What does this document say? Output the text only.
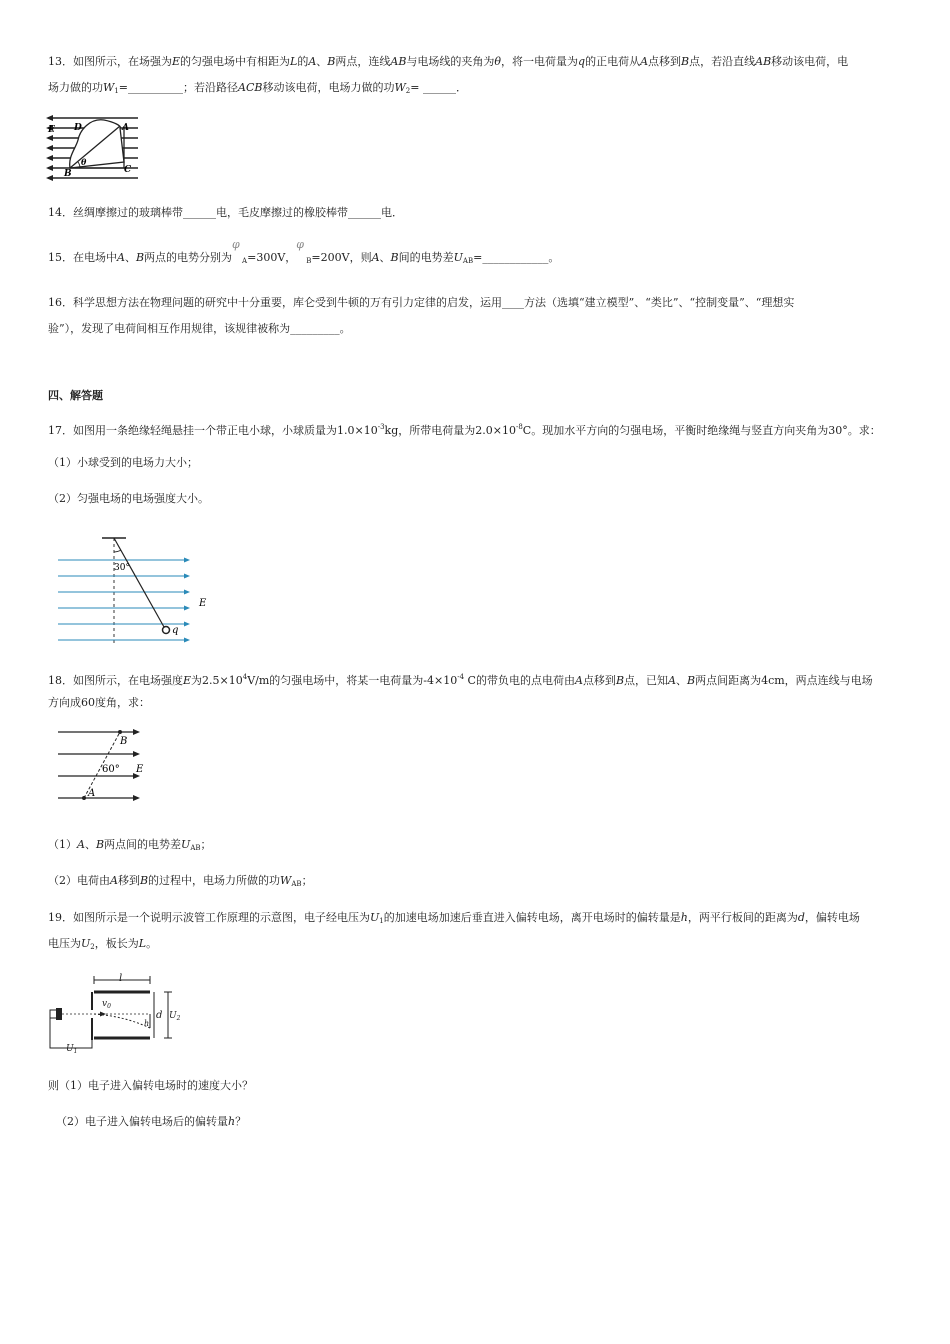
13．如图所示，在场强为E的匀强电场中有相距为L的A、B两点，连线AB与电场线的夹角为θ，将一电荷量为q的正电荷从A点移到B点，若沿直线AB移动该电荷，电
场力做的功$W_1=\_\_\_\_\_\_\_\_\_\_$；若沿路径ACB移动该电荷，电场力做的功$W_2=$ ______．
E D	A
θ
B	C
14．丝绸摩擦过的玻璃棒带______电，毛皮摩擦过的橡胶棒带______电．
15．在电场中A、B两点的电势分别为
φ
$_A$=300V，
φ
$_B$=200V，则A、B间的电势差$U_{AB}=\_\_\_\_\_\_\_\_\_\_\_\_$。
16．科学思想方法在物理问题的研究中十分重要，库仑受到牛顿的万有引力定律的启发，运用____方法（选填“建立模型”、“类比”、“控制变量”、“理想实
验”），发现了电荷间相互作用规律，该规律被称为_________。
四、解答题
17．如图用一条绝缘轻绳悬挂一个带正电小球，小球质量为$1.0\times 10^{-3}kg$，所带电荷量为$2.0\times 10^{-8}C$。现加水平方向的匀强电场，平衡时绝缘绳与竖直方向夹角为30°。求：
（1）小球受到的电场力大小；
（2）匀强电场的电场强度大小。
30°
E
q
18．如图所示，在电场强度E为$2.5\times 10^4V/m$的匀强电场中，将某一电荷量为$-4\times 10^{-4}$ C的带负电的点电荷由A点移到B点，已知A、B两点间距离为4cm，两点连线与电场
方向成60度角，求：
B
60° E
A
（1）A、B两点间的电势差$U_{AB}$；
（2）电荷由A移到B的过程中，电场力所做的功$W_{AB}$；
19．如图所示是一个说明示波管工作原理的示意图，电子经电压为$U_1$的加速电场加速后垂直进入偏转电场，离开电场时的偏转量是h，两平行板间的距离为d，偏转电场
电压为$U_2$，板长为L。
l
$v_0$
d
h
$U_2$
$U_1$
则（1）电子进入偏转电场时的速度大小？
（2）电子进入偏转电场后的偏转量h？
